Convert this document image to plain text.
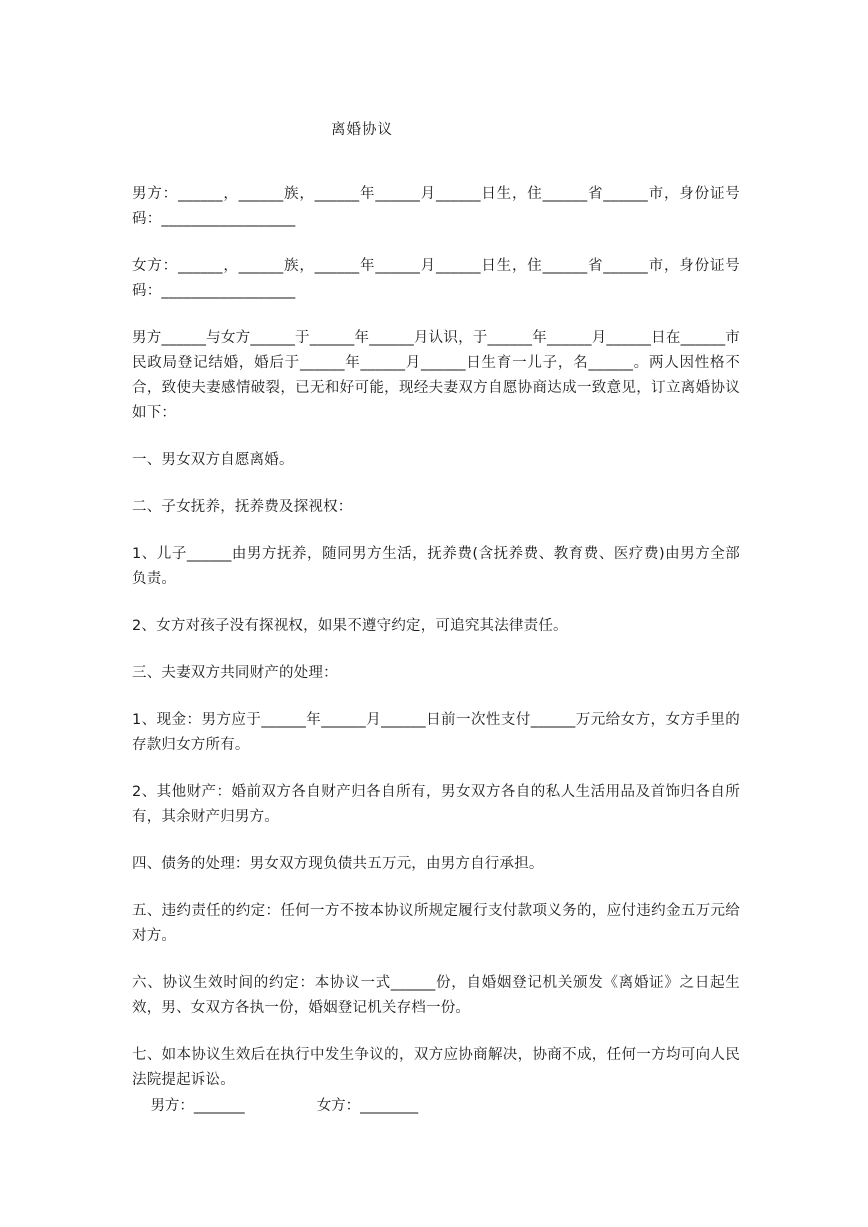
离婚协议

男方：______，______族，______年______月______日生，住______省______市，身份证号码：__________________

女方：______，______族，______年______月______日生，住______省______市，身份证号码：__________________

男方______与女方______于______年______月认识，于______年______月______日在______市民政局登记结婚，婚后于______年______月______日生育一儿子，名______。两人因性格不合，致使夫妻感情破裂，已无和好可能，现经夫妻双方自愿协商达成一致意见，订立离婚协议如下：

一、男女双方自愿离婚。

二、子女抚养，抚养费及探视权：

1、儿子______由男方抚养，随同男方生活，抚养费(含抚养费、教育费、医疗费)由男方全部负责。

2、女方对孩子没有探视权，如果不遵守约定，可追究其法律责任。

三、夫妻双方共同财产的处理：

1、现金：男方应于______年______月______日前一次性支付______万元给女方，女方手里的存款归女方所有。

2、其他财产：婚前双方各自财产归各自所有，男女双方各自的私人生活用品及首饰归各自所有，其余财产归男方。

四、债务的处理：男女双方现负债共五万元，由男方自行承担。

五、违约责任的约定：任何一方不按本协议所规定履行支付款项义务的，应付违约金五万元给对方。

六、协议生效时间的约定：本协议一式______份，自婚姻登记机关颁发《离婚证》之日起生效，男、女双方各执一份，婚姻登记机关存档一份。

七、如本协议生效后在执行中发生争议的，双方应协商解决，协商不成，任何一方均可向人民法院提起诉讼。

男方：_______	女方：________
